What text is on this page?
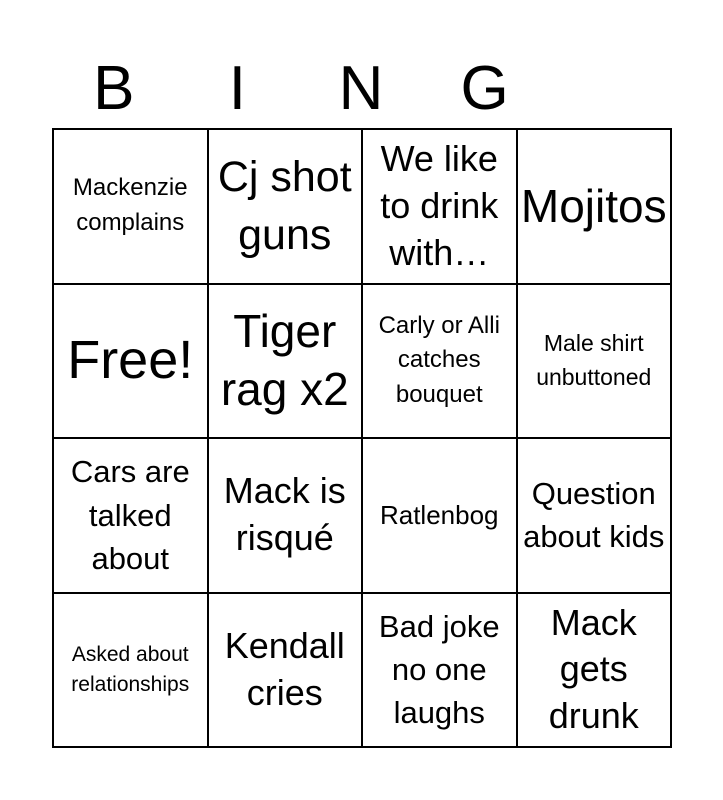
B	I	N	G
Mackenzie complains
Cj shot guns
We like to drink with…
Mojitos
Free! Tiger rag x2
Carly or Alli catches bouquet
Male shirt unbuttoned
Cars are talked about
Mack is risqué
Ratlenbog
Question about kids
Asked about relationships
Kendall cries
Bad joke no one laughs
Mack gets drunk
